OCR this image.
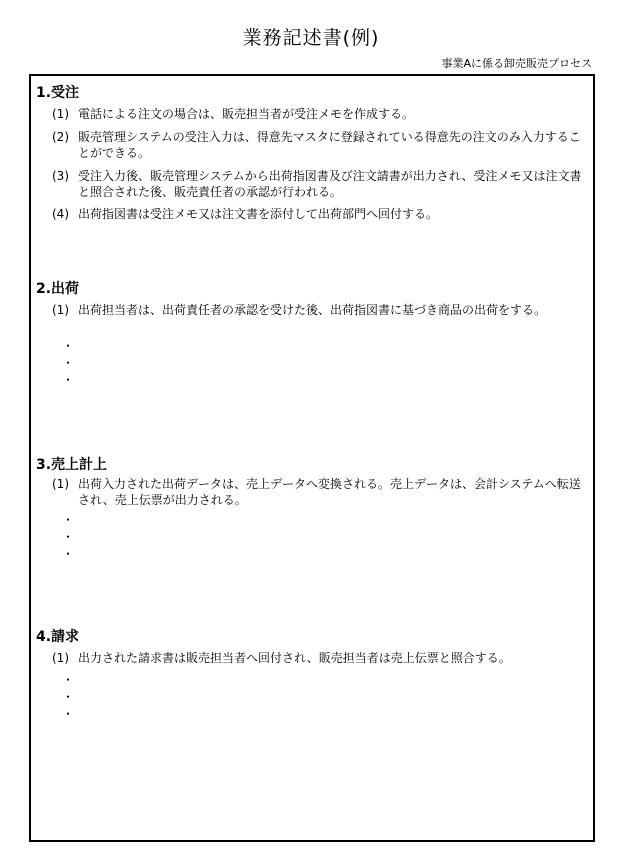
業務記述書(例)
事業Aに係る卸売販売プロセス
1.受注
(1) 電話による注文の場合は、販売担当者が受注メモを作成する。
(2) 販売管理システムの受注入力は、得意先マスタに登録されている得意先の注文のみ入力することができる。
(3) 受注入力後、販売管理システムから出荷指図書及び注文請書が出力され、受注メモ又は注文書と照合された後、販売責任者の承認が行われる。
(4) 出荷指図書は受注メモ又は注文書を添付して出荷部門へ回付する。
2.出荷
(1) 出荷担当者は、出荷責任者の承認を受けた後、出荷指図書に基づき商品の出荷をする。
・
・
・
3.売上計上
(1) 出荷入力された出荷データは、売上データへ変換される。売上データは、会計システムへ転送され、売上伝票が出力される。
・
・
・
4.請求
(1) 出力された請求書は販売担当者へ回付され、販売担当者は売上伝票と照合する。
・
・
・
